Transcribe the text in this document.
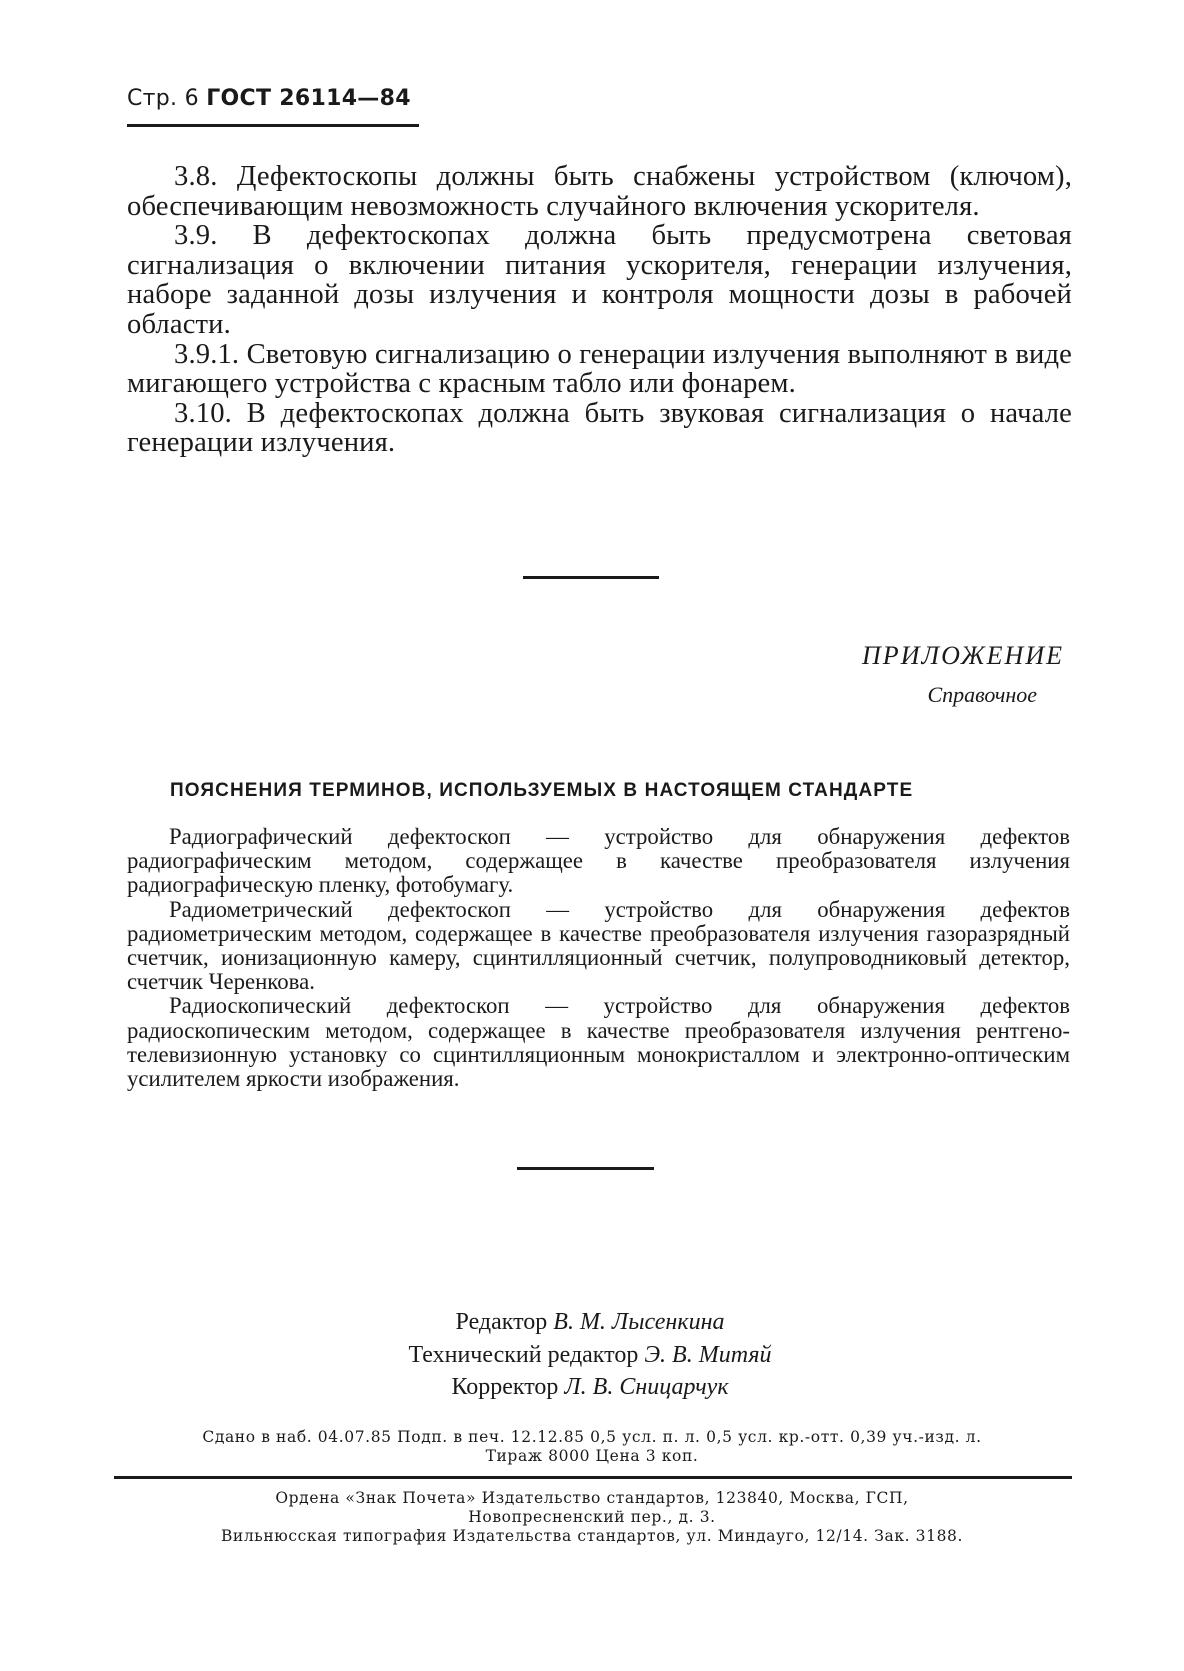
Стр. 6 ГОСТ 26114—84

3.8. Дефектоскопы должны быть снабжены устройством (ключом), обеспечивающим невозможность случайного включения ускорителя.

3.9. В дефектоскопах должна быть предусмотрена световая сигнализация о включении питания ускорителя, генерации излучения, наборе заданной дозы излучения и контроля мощности дозы в рабочей области.

3.9.1. Световую сигнализацию о генерации излучения выполняют в виде мигающего устройства с красным табло или фонарем.

3.10. В дефектоскопах должна быть звуковая сигнализация о начале генерации излучения.

ПРИЛОЖЕНИЕ
Справочное
ПОЯСНЕНИЯ ТЕРМИНОВ, ИСПОЛЬЗУЕМЫХ В НАСТОЯЩЕМ СТАНДАРТЕ

Радиографический дефектоскоп — устройство для обнаружения дефектов радиографическим методом, содержащее в качестве преобразователя излучения радиографическую пленку, фотобумагу.

Радиометрический дефектоскоп — устройство для обнаружения дефектов радиометрическим методом, содержащее в качестве преобразователя излучения газоразрядный счетчик, ионизационную камеру, сцинтилляционный счетчик, полупроводниковый детектор, счетчик Черенкова.

Радиоскопический дефектоскоп — устройство для обнаружения дефектов радиоскопическим методом, содержащее в качестве преобразователя излучения рентгено-телевизионную установку со сцинтилляционным монокристаллом и электронно-оптическим усилителем яркости изображения.

Редактор В. М. Лысенкина
Технический редактор Э. В. Митяй
Корректор Л. В. Сницарчук
Сдано в наб. 04.07.85 Подп. в печ. 12.12.85 0,5 усл. п. л. 0,5 усл. кр.-отт. 0,39 уч.-изд. л.
Тираж 8000 Цена 3 коп.
Ордена «Знак Почета» Издательство стандартов, 123840, Москва, ГСП,
Новопресненский пер., д. 3.
Вильнюсская типография Издательства стандартов, ул. Миндауго, 12/14. Зак. 3188.
